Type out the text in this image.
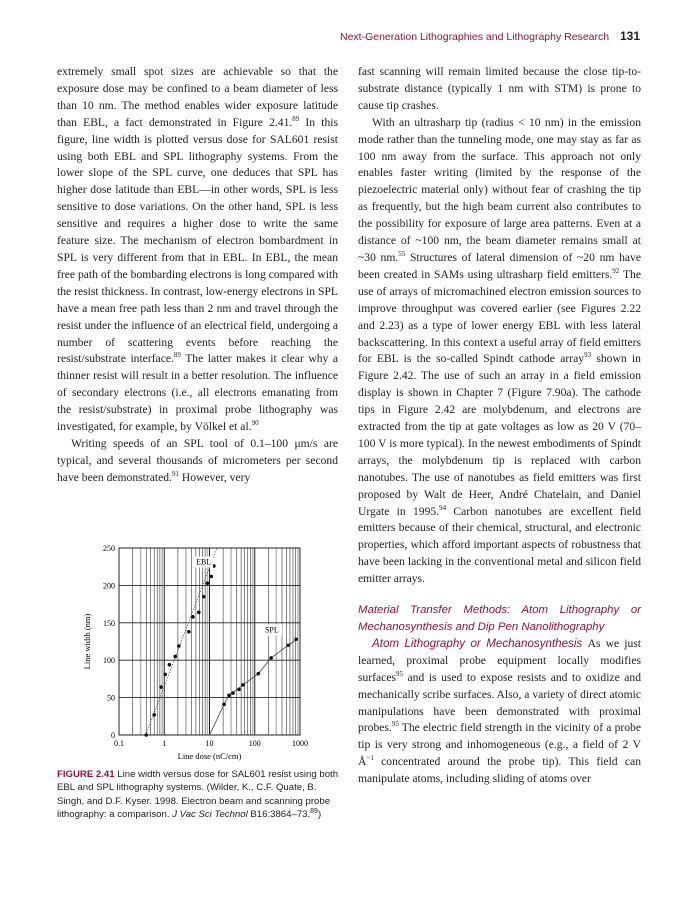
Next-Generation Lithographies and Lithography Research 131

extremely small spot sizes are achievable so that the exposure dose may be confined to a beam diameter of less than 10 nm. The method enables wider exposure latitude than EBL, a fact demonstrated in Figure 2.41.89 In this figure, line width is plotted versus dose for SAL601 resist using both EBL and SPL lithography systems. From the lower slope of the SPL curve, one deduces that SPL has higher dose latitude than EBL—in other words, SPL is less sensitive to dose variations. On the other hand, SPL is less sensitive and requires a higher dose to write the same feature size. The mechanism of electron bombardment in SPL is very different from that in EBL. In EBL, the mean free path of the bombarding electrons is long compared with the resist thickness. In contrast, low-energy electrons in SPL have a mean free path less than 2 nm and travel through the resist under the influence of an electrical field, undergoing a number of scattering events before reaching the resist/substrate interface.$^{89}$ The latter makes it clear why a thinner resist will result in a better resolution. The influence of secondary electrons (i.e., all electrons emanating from the resist/substrate) in proximal probe lithography was investigated, for example, by Völkel et al.$^{90}$

Writing speeds of an SPL tool of 0.1–100 μm/s are typical, and several thousands of micrometers per second have been demonstrated.$^{91}$ However, very

0.1	1	10	100	1000
0
50
100
150
200
250
Line dose (nC/cm)
Line width (nm)
EBL
SPL
FIGURE 2.41 Line width versus dose for SAL601 resist using both EBL and SPL lithography systems. (Wilder, K., C.F. Quate, B. Singh, and D.F. Kyser. 1998. Electron beam and scanning probe lithography: a comparison. J Vac Sci Technol B16:3864–73.89)

fast scanning will remain limited because the close tip-to-substrate distance (typically 1 nm with STM) is prone to cause tip crashes.

With an ultrasharp tip (radius < 10 nm) in the emission mode rather than the tunneling mode, one may stay as far as 100 nm away from the surface. This approach not only enables faster writing (limited by the response of the piezoelectric material only) without fear of crashing the tip as frequently, but the high beam current also contributes to the possibility for exposure of large area patterns. Even at a distance of ~100 nm, the beam diameter remains small at ~30 nm.$^{55}$ Structures of lateral dimension of ~20 nm have been created in SAMs using ultrasharp field emitters.$^{92}$ The use of arrays of micromachined electron emission sources to improve throughput was covered earlier (see Figures 2.22 and 2.23) as a type of lower energy EBL with less lateral backscattering. In this context a useful array of field emitters for EBL is the so-called Spindt cathode array$^{93}$ shown in Figure 2.42. The use of such an array in a field emission display is shown in Chapter 7 (Figure 7.90a). The cathode tips in Figure 2.42 are molybdenum, and electrons are extracted from the tip at gate voltages as low as 20 V (70–100 V is more typical). In the newest embodiments of Spindt arrays, the molybdenum tip is replaced with carbon nanotubes. The use of nanotubes as field emitters was first proposed by Walt de Heer, André Chatelain, and Daniel Urgate in 1995.94 Carbon nanotubes are excellent field emitters because of their chemical, structural, and electronic properties, which afford important aspects of robustness that have been lacking in the conventional metal and silicon field emitter arrays.

Material Transfer Methods: Atom Lithography or Mechanosynthesis and Dip Pen Nanolithography

Atom Lithography or Mechanosynthesis As we just learned, proximal probe equipment locally modifies surfaces$^{95}$ and is used to expose resists and to oxidize and mechanically scribe surfaces. Also, a variety of direct atomic manipulations have been demonstrated with proximal probes.$^{95}$ The electric field strength in the vicinity of a probe tip is very strong and inhomogeneous (e.g., a field of 2 V $Å^{-1}$ concentrated around the probe tip). This field can manipulate atoms, including sliding of atoms over
